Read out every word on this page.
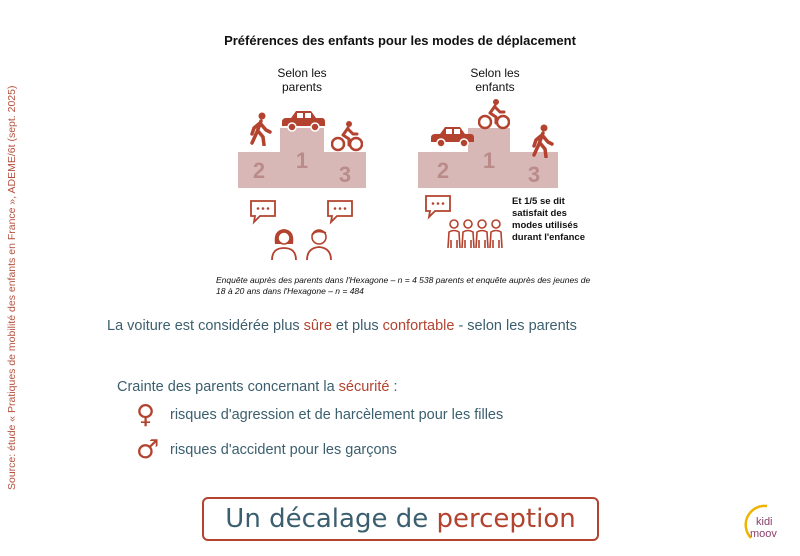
Source: étude « Pratiques de mobilité des enfants en France », ADEME/6t (sept. 2025)
Préférences des enfants pour les modes de déplacement
Selon les parents
2	1
3
Selon les enfants
2	1
3
Et 1/5 se dit satisfait des modes utilisés durant l'enfance
Enquête auprès des parents dans l'Hexagone – n = 4 538 parents et enquête auprès des jeunes de 18 à 20 ans dans l'Hexagone – n = 484
La voiture est considérée plus sûre et plus confortable - selon les parents
Crainte des parents concernant la sécurité :
♀ risques d'agression et de harcèlement pour les filles
♂ risques d'accident pour les garçons
Un décalage de perception	kidi
moov
